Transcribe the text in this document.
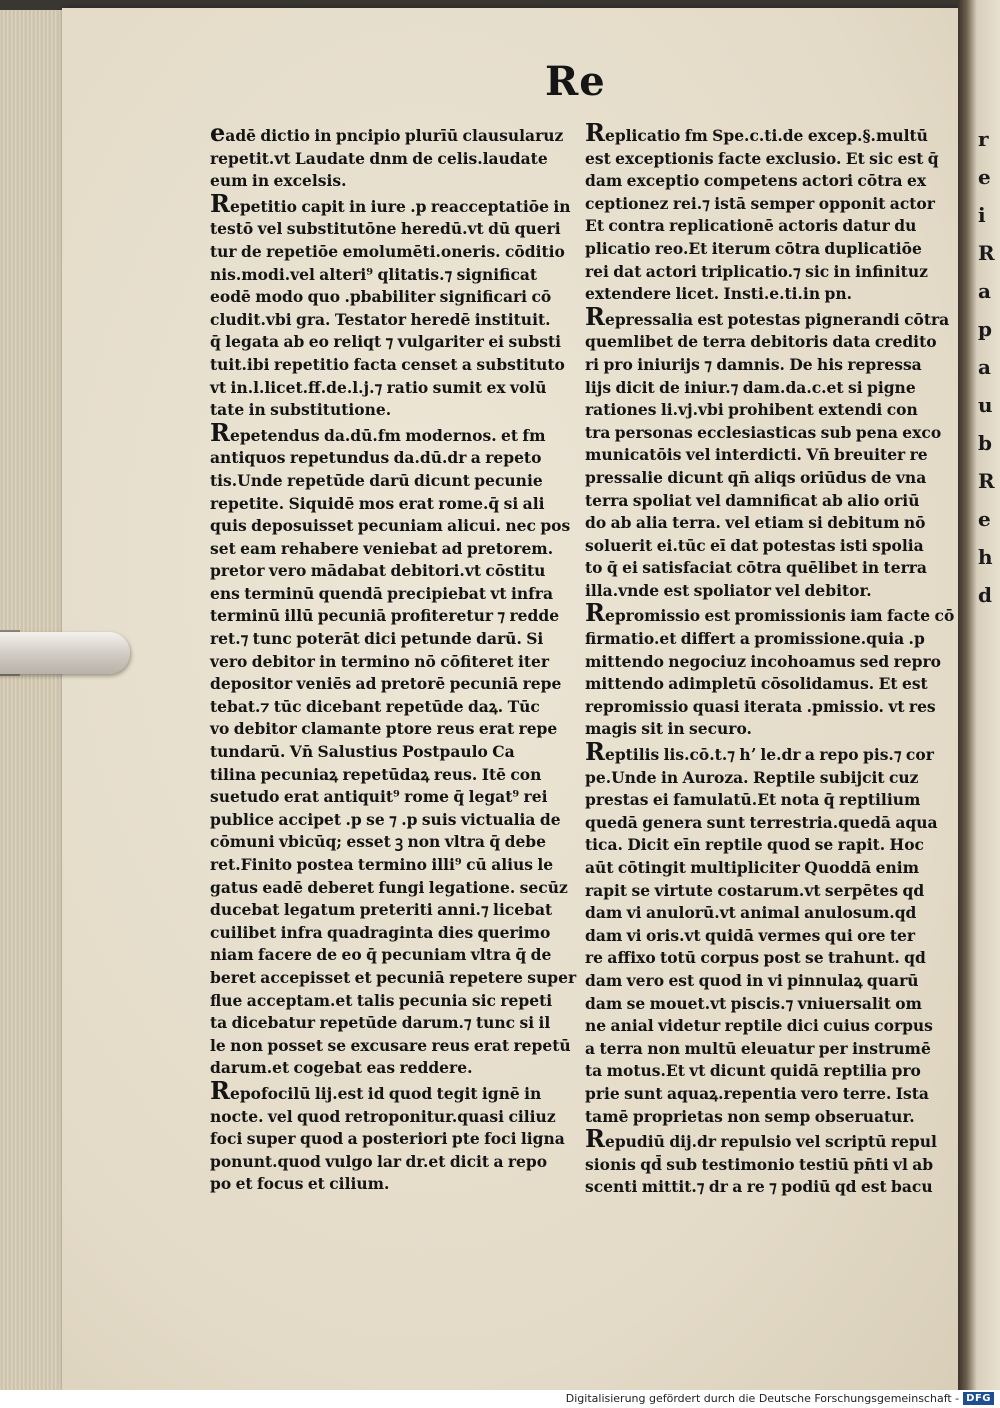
r
e
i
R
a
p
a
u
b
R
e
h
d
Re

eadē dictio in pncipio plurīū clausularuz

repetit.vt Laudate dnm de celis.laudate

eum in excelsis.

Repetitio capit in iure .p reacceptatiōe in

testō vel substitutōne heredū.vt dū queri

tur de repetiōe emolumēti.oneris. cōditio

nis.modi.vel alteri⁹ qlitatis.⁊ significat

eodē modo quo .pbabiliter significari cō

cludit.vbi gra. Testator heredē instituit.

q̄ legata ab eo reliqt ⁊ vulgariter ei substi

tuit.ibi repetitio facta censet a substituto

vt in.l.licet.ff.de.l.j.⁊ ratio sumit ex volū

tate in substitutione.

Repetendus da.dū.fm modernos. et fm

antiquos repetundus da.dū.dr a repeto

tis.Unde repetūde darū dicunt pecunie

repetite. Siquidē mos erat rome.q̄ si ali

quis deposuisset pecuniam alicui. nec pos

set eam rehabere veniebat ad pretorem.

pretor vero mādabat debitori.vt cōstitu

ens terminū quendā precipiebat vt infra

terminū illū pecuniā profiteretur ⁊ redde

ret.⁊ tunc poterāt dici petunde darū. Si

vero debitor in termino nō cōfiteret iter

depositor veniēs ad pretorē pecuniā repe

tebat.⁊ tūc dicebant repetūde daꝝ. Tūc

vo debitor clamante ptore reus erat repe

tundarū. Vn̄ Salustius Postpaulo Ca

tilina pecuniaꝝ repetūdaꝝ reus. Itē con

suetudo erat antiquit⁹ rome q̄ legat⁹ rei

publice accipet .p se ⁊ .p suis victualia de

cōmuni vbicūq; esset ꝫ non vltra q̄ debe

ret.Finito postea termino illi⁹ cū alius le

gatus eadē deberet fungi legatione. secūz

ducebat legatum preteriti anni.⁊ licebat

cuilibet infra quadraginta dies querimo

niam facere de eo q̄ pecuniam vltra q̄ de

beret accepisset et pecuniā repetere super

flue acceptam.et talis pecunia sic repeti

ta dicebatur repetūde darum.⁊ tunc si il

le non posset se excusare reus erat repetū

darum.et cogebat eas reddere.

Repofocilū lij.est id quod tegit ignē in

nocte. vel quod retroponitur.quasi ciliuz

foci super quod a posteriori pte foci ligna

ponunt.quod vulgo lar dr.et dicit a repo

po et focus et cilium.

Replicatio fm Spe.c.ti.de excep.§.multū

est exceptionis facte exclusio. Et sic est q̄

dam exceptio competens actori cōtra ex

ceptionez rei.⁊ istā semper opponit actor

Et contra replicationē actoris datur du

plicatio reo.Et iterum cōtra duplicatiōe

rei dat actori triplicatio.⁊ sic in infinituz

extendere licet. Insti.e.ti.in pn.

Repressalia est potestas pignerandi cōtra

quemlibet de terra debitoris data credito

ri pro iniurijs ⁊ damnis. De his repressa

lijs dicit de iniur.⁊ dam.da.c.et si pigne

rationes li.vj.vbi prohibent extendi con

tra personas ecclesiasticas sub pena exco

municatōis vel interdicti. Vn̄ breuiter re

pressalie dicunt qn̄ aliqs oriūdus de vna

terra spoliat vel damnificat ab alio oriū

do ab alia terra. vel etiam si debitum nō

soluerit ei.tūc eī dat potestas isti spolia

to q̄ ei satisfaciat cōtra quēlibet in terra

illa.vnde est spoliator vel debitor.

Repromissio est promissionis iam facte cō

firmatio.et differt a promissione.quia .p

mittendo negociuz incohoamus sed repro

mittendo adimpletū cōsolidamus. Et est

repromissio quasi iterata .pmissio. vt res

magis sit in securo.

Reptilis lis.cō.t.⁊ hʼ le.dr a repo pis.⁊ cor

pe.Unde in Auroza. Reptile subijcit cuz

prestas ei famulatū.Et nota q̄ reptilium

quedā genera sunt terrestria.quedā aqua

tica. Dicit eīn reptile quod se rapit. Hoc

aūt cōtingit multipliciter Quoddā enim

rapit se virtute costarum.vt serpētes qd

dam vi anulorū.vt animal anulosum.qd

dam vi oris.vt quidā vermes qui ore ter

re affixo totū corpus post se trahunt. qd

dam vero est quod in vi pinnulaꝝ quarū

dam se mouet.vt piscis.⁊ vniuersalit om

ne anial videtur reptile dici cuius corpus

a terra non multū eleuatur per instrumē

ta motus.Et vt dicunt quidā reptilia pro

prie sunt aquaꝝ.repentia vero terre. Ista

tamē proprietas non semp obseruatur.

Repudiū dij.dr repulsio vel scriptū repul

sionis qd̄ sub testimonio testiū pn̄ti vl ab

scenti mittit.⁊ dr a re ⁊ podiū qd est bacu

Digitalisierung gefördert durch die Deutsche Forschungsgemeinschaft - DFG
